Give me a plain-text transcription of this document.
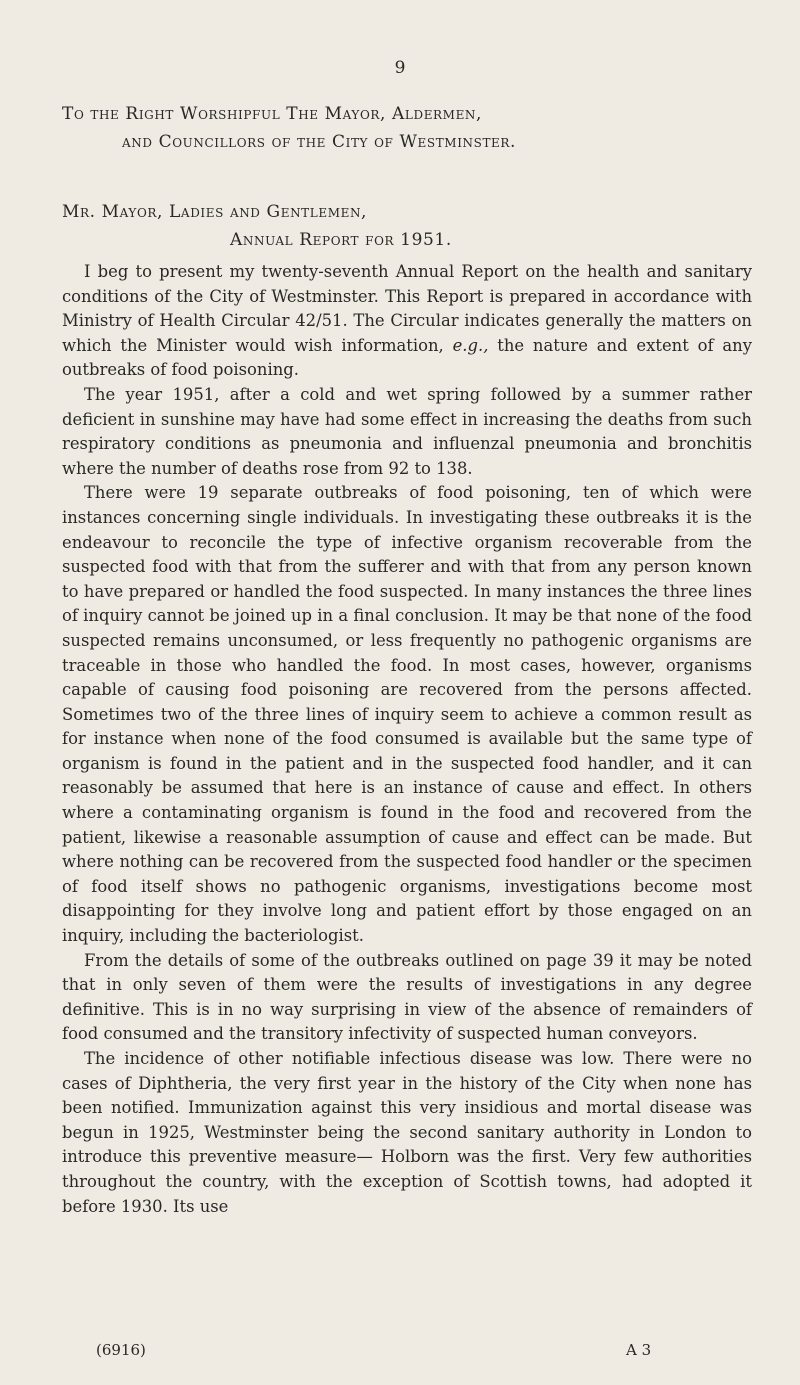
9
To the Right Worshipful The Mayor, Aldermen,
and Councillors of the City of Westminster.
Mr. Mayor, Ladies and Gentlemen,
Annual Report for 1951.

I beg to present my twenty-seventh Annual Report on the health and sanitary conditions of the City of Westminster. This Report is prepared in accordance with Ministry of Health Circular 42/51. The Circular indicates generally the matters on which the Minister would wish information, e.g., the nature and extent of any outbreaks of food poisoning.

The year 1951, after a cold and wet spring followed by a summer rather deficient in sunshine may have had some effect in increasing the deaths from such respiratory conditions as pneumonia and influenzal pneumonia and bronchitis where the number of deaths rose from 92 to 138.

There were 19 separate outbreaks of food poisoning, ten of which were instances concerning single individuals. In investigating these outbreaks it is the endeavour to reconcile the type of infective organism recoverable from the suspected food with that from the sufferer and with that from any person known to have prepared or handled the food suspected. In many instances the three lines of inquiry cannot be joined up in a final conclusion. It may be that none of the food suspected remains unconsumed, or less frequently no pathogenic organisms are traceable in those who handled the food. In most cases, however, organisms capable of causing food poisoning are recovered from the persons affected. Sometimes two of the three lines of inquiry seem to achieve a common result as for instance when none of the food consumed is available but the same type of organism is found in the patient and in the suspected food handler, and it can reasonably be assumed that here is an instance of cause and effect. In others where a contaminating organism is found in the food and recovered from the patient, likewise a reasonable assumption of cause and effect can be made. But where nothing can be recovered from the suspected food handler or the specimen of food itself shows no pathogenic organisms, investigations become most disappointing for they involve long and patient effort by those engaged on an inquiry, including the bacteriologist.

From the details of some of the outbreaks outlined on page 39 it may be noted that in only seven of them were the results of investigations in any degree definitive. This is in no way surprising in view of the absence of remainders of food consumed and the transitory infectivity of suspected human conveyors.

The incidence of other notifiable infectious disease was low. There were no cases of Diphtheria, the very first year in the history of the City when none has been notified. Immunization against this very insidious and mortal disease was begun in 1925, Westminster being the second sanitary authority in London to introduce this preventive measure— Holborn was the first. Very few authorities throughout the country, with the exception of Scottish towns, had adopted it before 1930. Its use

(6916)	A 3
